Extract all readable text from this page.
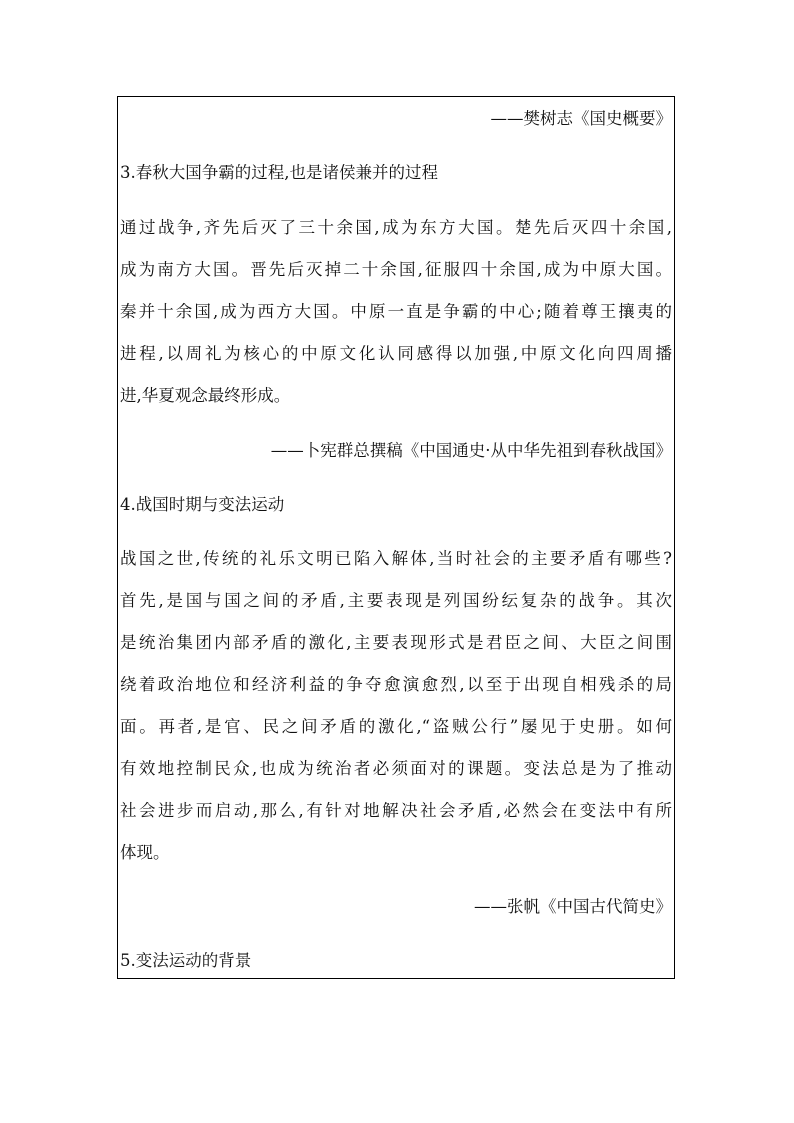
——樊树志《国史概要》
3.春秋大国争霸的过程,也是诸侯兼并的过程
通过战争,齐先后灭了三十余国,成为东方大国。楚先后灭四十余国,
成为南方大国。晋先后灭掉二十余国,征服四十余国,成为中原大国。
秦并十余国,成为西方大国。中原一直是争霸的中心;随着尊王攘夷的
进程,以周礼为核心的中原文化认同感得以加强,中原文化向四周播
进,华夏观念最终形成。
——卜宪群总撰稿《中国通史·从中华先祖到春秋战国》
4.战国时期与变法运动
战国之世,传统的礼乐文明已陷入解体,当时社会的主要矛盾有哪些?
首先,是国与国之间的矛盾,主要表现是列国纷纭复杂的战争。其次
是统治集团内部矛盾的激化,主要表现形式是君臣之间、大臣之间围
绕着政治地位和经济利益的争夺愈演愈烈,以至于出现自相残杀的局
面。再者,是官、民之间矛盾的激化,“盗贼公行”屡见于史册。如何
有效地控制民众,也成为统治者必须面对的课题。变法总是为了推动
社会进步而启动,那么,有针对地解决社会矛盾,必然会在变法中有所
体现。
——张帆《中国古代简史》
5.变法运动的背景
